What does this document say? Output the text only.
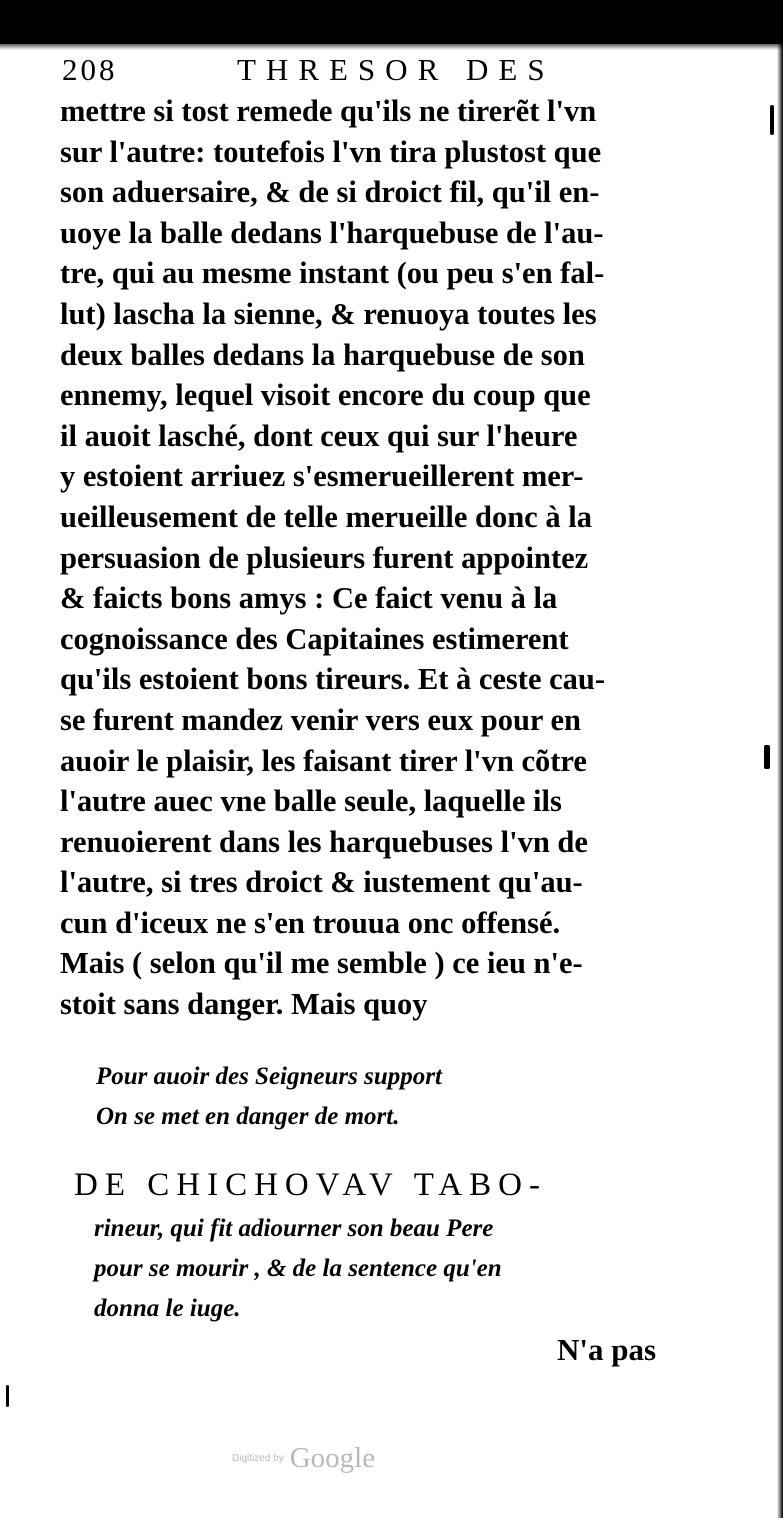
208	THRESOR DES
mettre si tost remede qu'ils ne tirerẽt l'vn
sur l'autre: toutefois l'vn tira plustost que
son aduersaire, & de si droict fil, qu'il en-
uoye la balle dedans l'harquebuse de l'au-
tre, qui au mesme instant (ou peu s'en fal-
lut) lascha la sienne, & renuoya toutes les
deux balles dedans la harquebuse de son
ennemy, lequel visoit encore du coup que
il auoit lasché, dont ceux qui sur l'heure
y estoient arriuez s'esmerueillerent mer-
ueilleusement de telle merueille donc à la
persuasion de plusieurs furent appointez
& faicts bons amys : Ce faict venu à la
cognoissance des Capitaines estimerent
qu'ils estoient bons tireurs. Et à ceste cau-
se furent mandez venir vers eux pour en
auoir le plaisir, les faisant tirer l'vn cõtre
l'autre auec vne balle seule, laquelle ils
renuoierent dans les harquebuses l'vn de
l'autre, si tres droict & iustement qu'au-
cun d'iceux ne s'en trouua onc offensé.
Mais ( selon qu'il me semble ) ce ieu n'e-
stoit sans danger. Mais quoy
Pour auoir des Seigneurs support
On se met en danger de mort.
DE CHICHOVAV TABO-
rineur, qui fit adiourner son beau Pere
pour se mourir , & de la sentence qu'en
donna le iuge.
N'a pas
Digitized by Google
